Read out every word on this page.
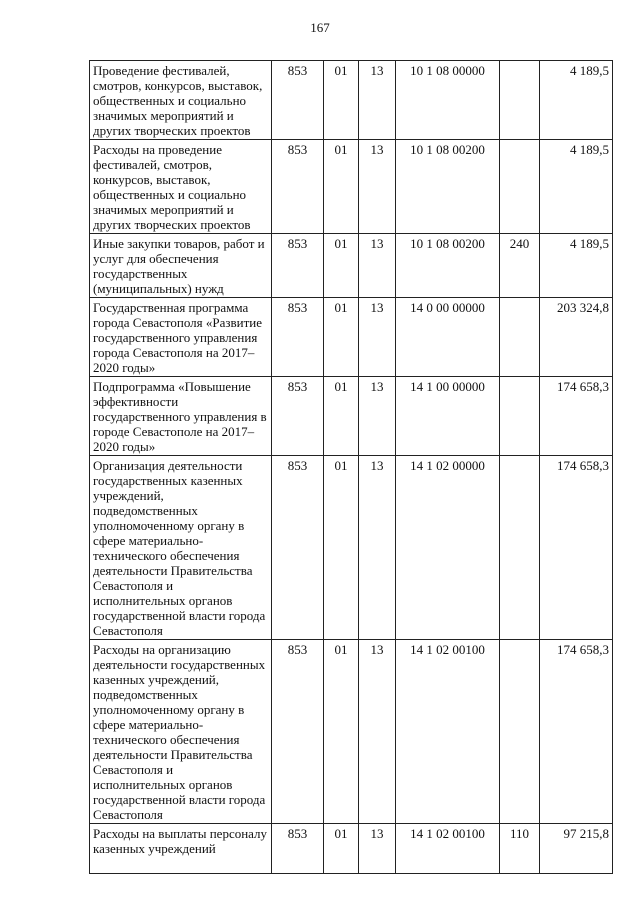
167
Проведение фестивалей, смотров, конкурсов, выставок, общественных и социально значимых мероприятий и других творческих проектов	853	01	13	10 1 08 00000		4 189,5
Расходы на проведение фестивалей, смотров, конкурсов, выставок, общественных и социально значимых мероприятий и других творческих проектов	853	01	13	10 1 08 00200		4 189,5
Иные закупки товаров, работ и услуг для обеспечения государственных (муниципальных) нужд	853	01	13	10 1 08 00200	240	4 189,5
Государственная программа города Севастополя «Развитие государственного управления города Севастополя на 2017–2020 годы»	853	01	13	14 0 00 00000		203 324,8
Подпрограмма «Повышение эффективности государственного управления в городе Севастополе на 2017–2020 годы»	853	01	13	14 1 00 00000		174 658,3
Организация деятельности государственных казенных учреждений, подведомственных уполномоченному органу в сфере материально-технического обеспечения деятельности Правительства Севастополя и исполнительных органов государственной власти города Севастополя	853	01	13	14 1 02 00000		174 658,3
Расходы на организацию деятельности государственных казенных учреждений, подведомственных уполномоченному органу в сфере материально-технического обеспечения деятельности Правительства Севастополя и исполнительных органов государственной власти города Севастополя	853	01	13	14 1 02 00100		174 658,3
Расходы на выплаты персоналу казенных учреждений	853	01	13	14 1 02 00100	110	97 215,8
